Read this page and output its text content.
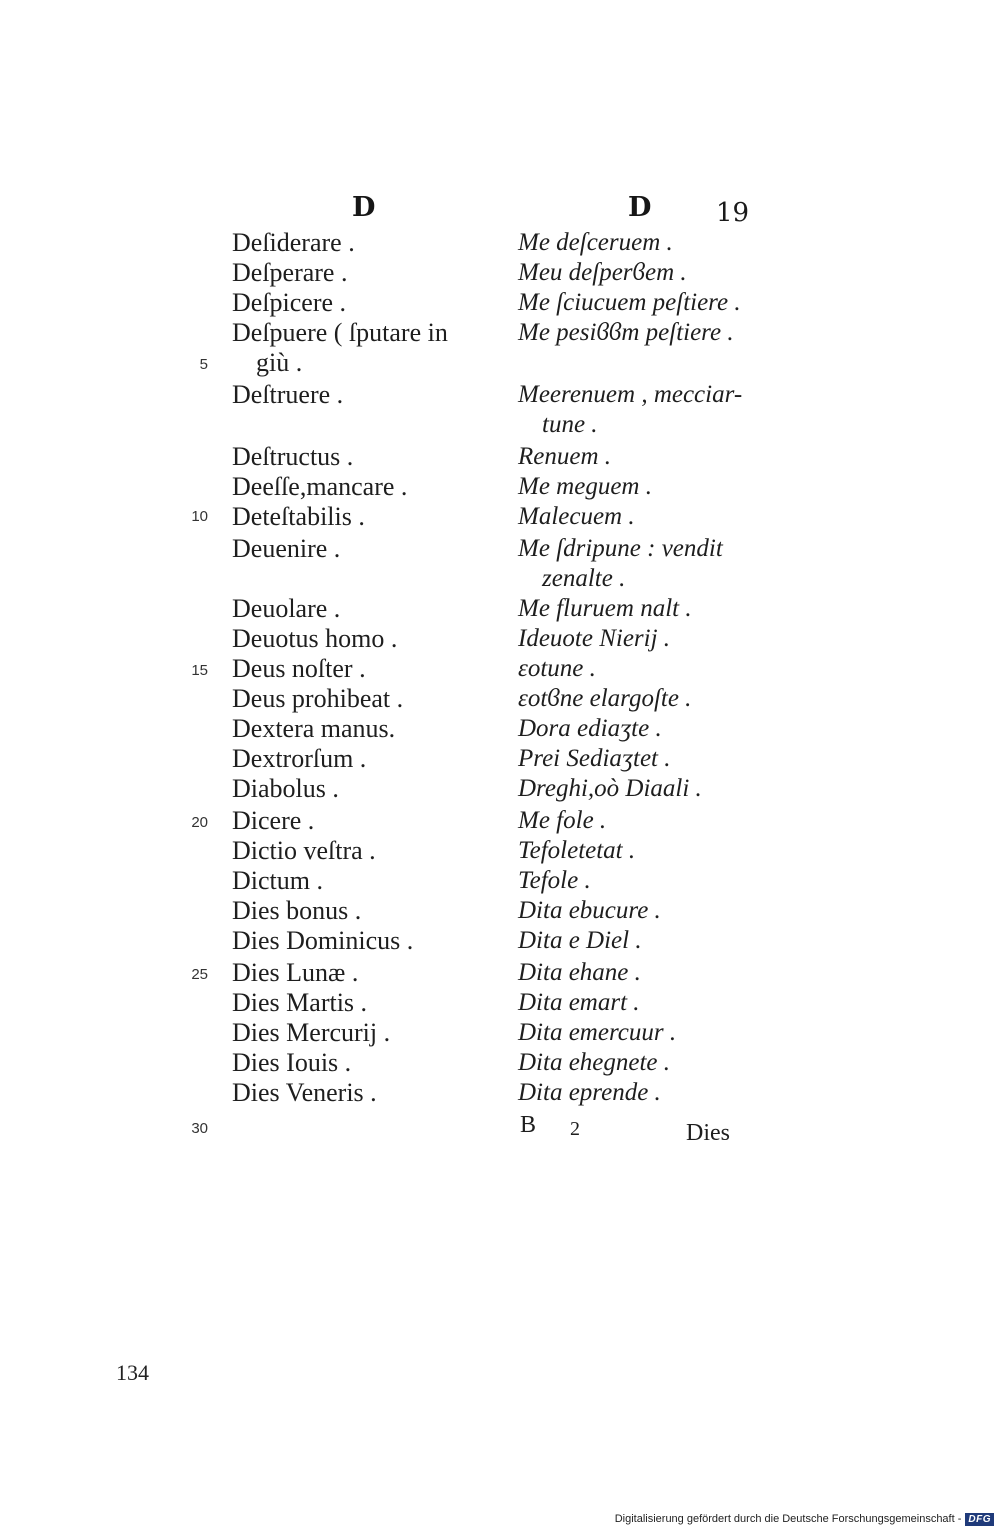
D	D 19
Deſiderare .	Me deſceruem .
Deſperare .	Meu deſperϐem .
Deſpicere .	Me ſciucuem peſtiere .
Deſpuere ( ſputare in	Me pesiϐϐm peſtiere .
giù .
Deſtruere .	Meerenuem , mecciar-
tune .
Deſtructus .	Renuem .
Deeſſe,mancare .	Me meguem .
Deteſtabilis .	Malecuem .
Deuenire .	Me ſdripune : vendit
zenalte .
Deuolare .	Me fluruem nalt .
Deuotus homo .	Ideuote Nierij .
Deus noſter .	ɛotune .
Deus prohibeat .	ɛotϐne elargoſte .
Dextera manus.	Dora ediaʒte .
Dextrorſum .	Prei Sediaʒtet .
Diabolus .	Dreghi,oò Diaali .
Dicere .	Me fole .
Dictio veſtra .	Tefoletetat .
Dictum .	Tefole .
Dies bonus .	Dita ebucure .
Dies Dominicus .	Dita e Diel .
Dies Lunæ .	Dita ehane .
Dies Martis .	Dita emart .
Dies Mercurij .	Dita emercuur .
Dies Iouis .	Dita ehegnete .
Dies Veneris .	Dita eprende .
5
10
15
20
25
30	B 2	Dies
134
Digitalisierung gefördert durch die Deutsche Forschungsgemeinschaft - DFG
